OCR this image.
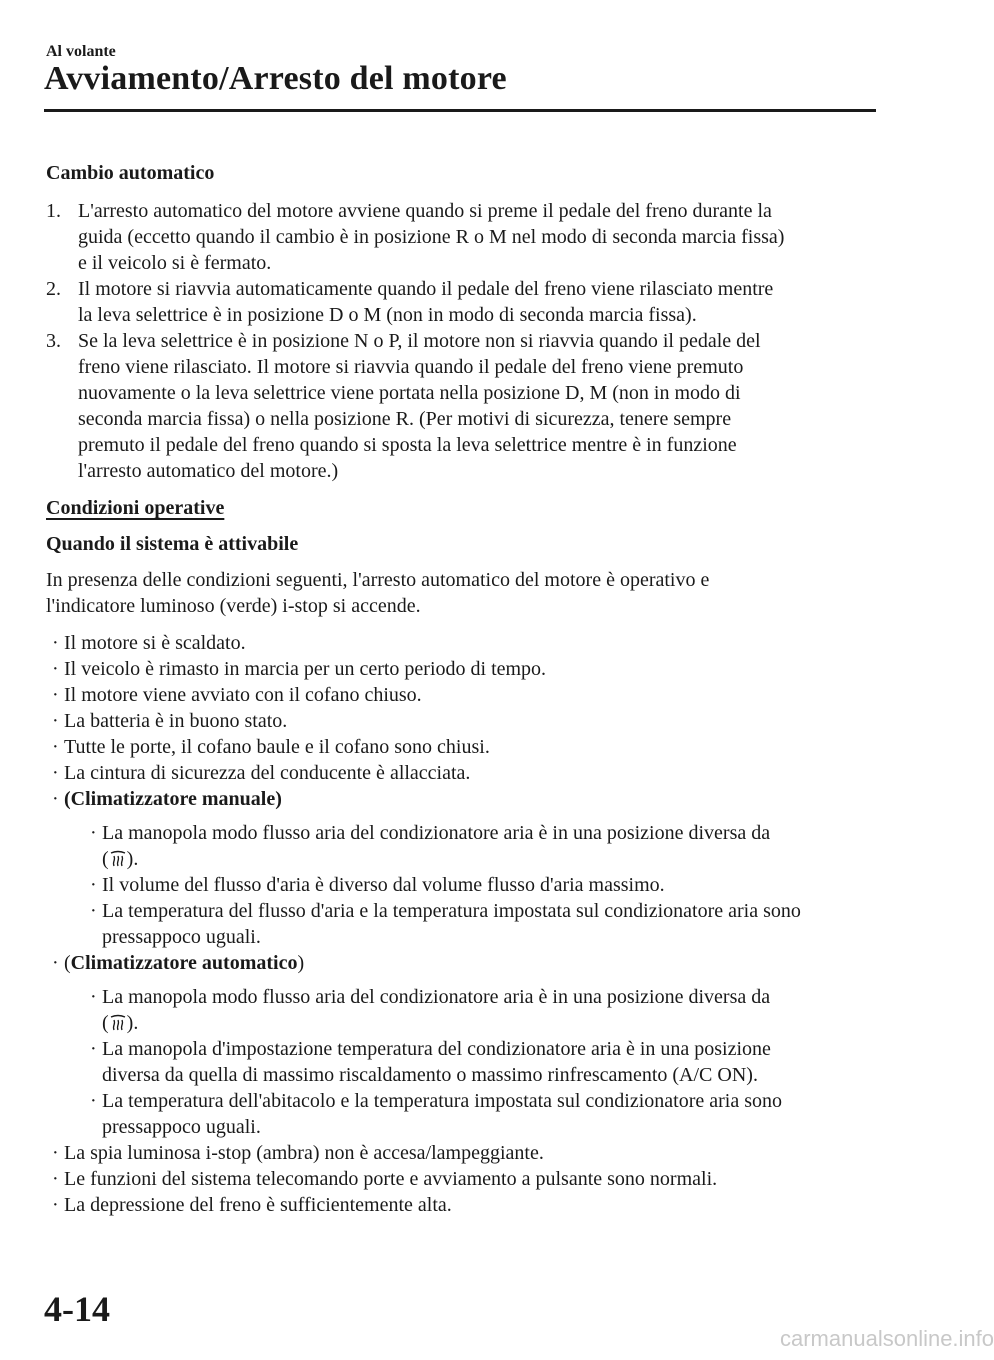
Al volante
Avviamento/Arresto del motore

Cambio automatico

1. L'arresto automatico del motore avviene quando si preme il pedale del freno durante la
guida (eccetto quando il cambio è in posizione R o M nel modo di seconda marcia fissa)
e il veicolo si è fermato.
2. Il motore si riavvia automaticamente quando il pedale del freno viene rilasciato mentre
la leva selettrice è in posizione D o M (non in modo di seconda marcia fissa).
3. Se la leva selettrice è in posizione N o P, il motore non si riavvia quando il pedale del
freno viene rilasciato. Il motore si riavvia quando il pedale del freno viene premuto
nuovamente o la leva selettrice viene portata nella posizione D, M (non in modo di
seconda marcia fissa) o nella posizione R. (Per motivi di sicurezza, tenere sempre
premuto il pedale del freno quando si sposta la leva selettrice mentre è in funzione
l'arresto automatico del motore.)
Condizioni operative

Quando il sistema è attivabile

In presenza delle condizioni seguenti, l'arresto automatico del motore è operativo e
l'indicatore luminoso (verde) i-stop si accende.

· Il motore si è scaldato.
· Il veicolo è rimasto in marcia per un certo periodo di tempo.
· Il motore viene avviato con il cofano chiuso.
· La batteria è in buono stato.
· Tutte le porte, il cofano baule e il cofano sono chiusi.
· La cintura di sicurezza del conducente è allacciata.
· (Climatizzatore manuale)
· La manopola modo flusso aria del condizionatore aria è in una posizione diversa da
( ).
· Il volume del flusso d'aria è diverso dal volume flusso d'aria massimo.
· La temperatura del flusso d'aria e la temperatura impostata sul condizionatore aria sono
pressappoco uguali.
· (Climatizzatore automatico)
· La manopola modo flusso aria del condizionatore aria è in una posizione diversa da
( ).
· La manopola d'impostazione temperatura del condizionatore aria è in una posizione
diversa da quella di massimo riscaldamento o massimo rinfrescamento (A/C ON).
· La temperatura dell'abitacolo e la temperatura impostata sul condizionatore aria sono
pressappoco uguali.
· La spia luminosa i-stop (ambra) non è accesa/lampeggiante.
· Le funzioni del sistema telecomando porte e avviamento a pulsante sono normali.
· La depressione del freno è sufficientemente alta.
4-14
carmanualsonline.info
